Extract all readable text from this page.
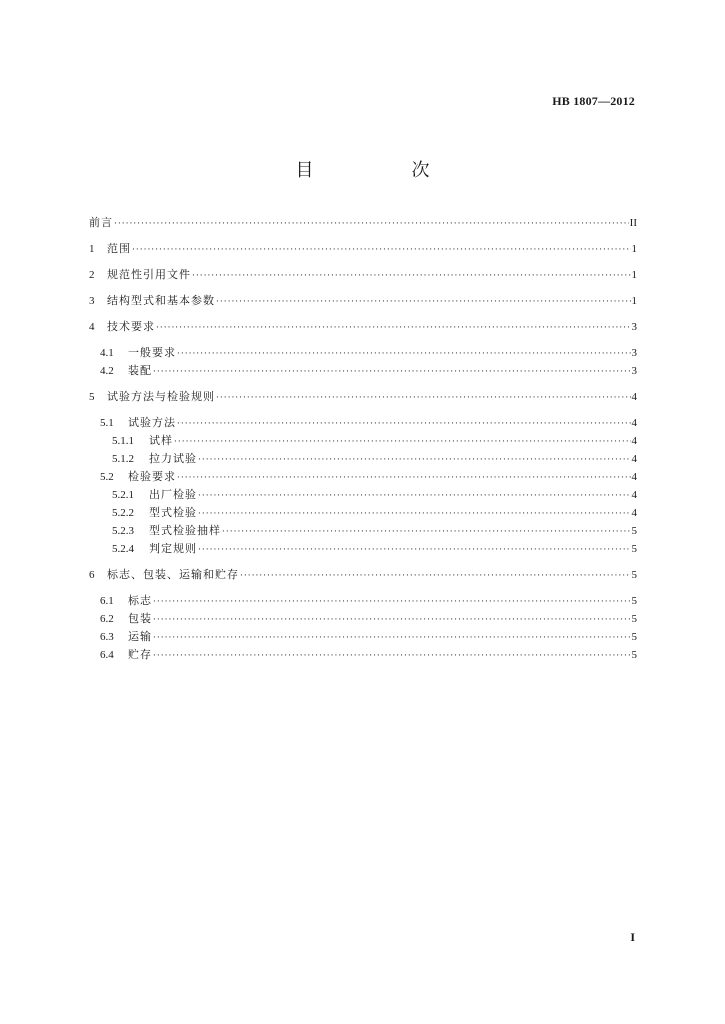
HB 1807—2012
目　次
前言 ·····	II
1	范围 ·····	1
2	规范性引用文件 ·····	1
3	结构型式和基本参数 ·····	1
4	技术要求 ·····	3
4.1	一般要求 ·····	3
4.2	装配 ·····	3
5	试验方法与检验规则 ·····	4
5.1	试验方法 ·····	4
5.1.1	试样 ·····	4
5.1.2	拉力试验 ·····	4
5.2	检验要求 ·····	4
5.2.1	出厂检验 ·····	4
5.2.2	型式检验 ·····	4
5.2.3	型式检验抽样 ·····	5
5.2.4	判定规则 ·····	5
6	标志、包装、运输和贮存 ·····	5
6.1	标志 ·····	5
6.2	包装 ·····	5
6.3	运输 ·····	5
6.4	贮存 ·····	5
I
